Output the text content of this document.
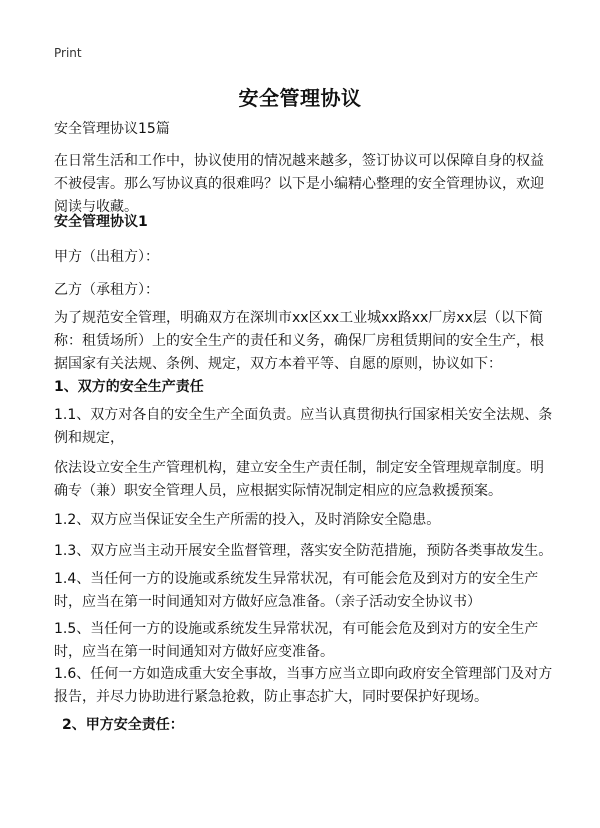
Print
安全管理协议

安全管理协议15篇

在日常生活和工作中，协议使用的情况越来越多，签订协议可以保障自身的权益不被侵害。那么写协议真的很难吗？以下是小编精心整理的安全管理协议，欢迎阅读与收藏。

安全管理协议1

甲方（出租方）：

乙方（承租方）：

为了规范安全管理，明确双方在深圳市xx区xx工业城xx路xx厂房xx层（以下简称：租赁场所）上的安全生产的责任和义务，确保厂房租赁期间的安全生产，根据国家有关法规、条例、规定，双方本着平等、自愿的原则，协议如下：

1、双方的安全生产责任

1.1、双方对各自的安全生产全面负责。应当认真贯彻执行国家相关安全法规、条例和规定，

依法设立安全生产管理机构，建立安全生产责任制，制定安全管理规章制度。明确专（兼）职安全管理人员，应根据实际情况制定相应的应急救援预案。

1.2、双方应当保证安全生产所需的投入，及时消除安全隐患。

1.3、双方应当主动开展安全监督管理，落实安全防范措施，预防各类事故发生。

1.4、当任何一方的设施或系统发生异常状况，有可能会危及到对方的安全生产时，应当在第一时间通知对方做好应急准备。（亲子活动安全协议书）

1.5、当任何一方的设施或系统发生异常状况，有可能会危及到对方的安全生产时，应当在第一时间通知对方做好应变准备。

1.6、任何一方如造成重大安全事故，当事方应当立即向政府安全管理部门及对方报告，并尽力协助进行紧急抢救，防止事态扩大，同时要保护好现场。

2、甲方安全责任：
